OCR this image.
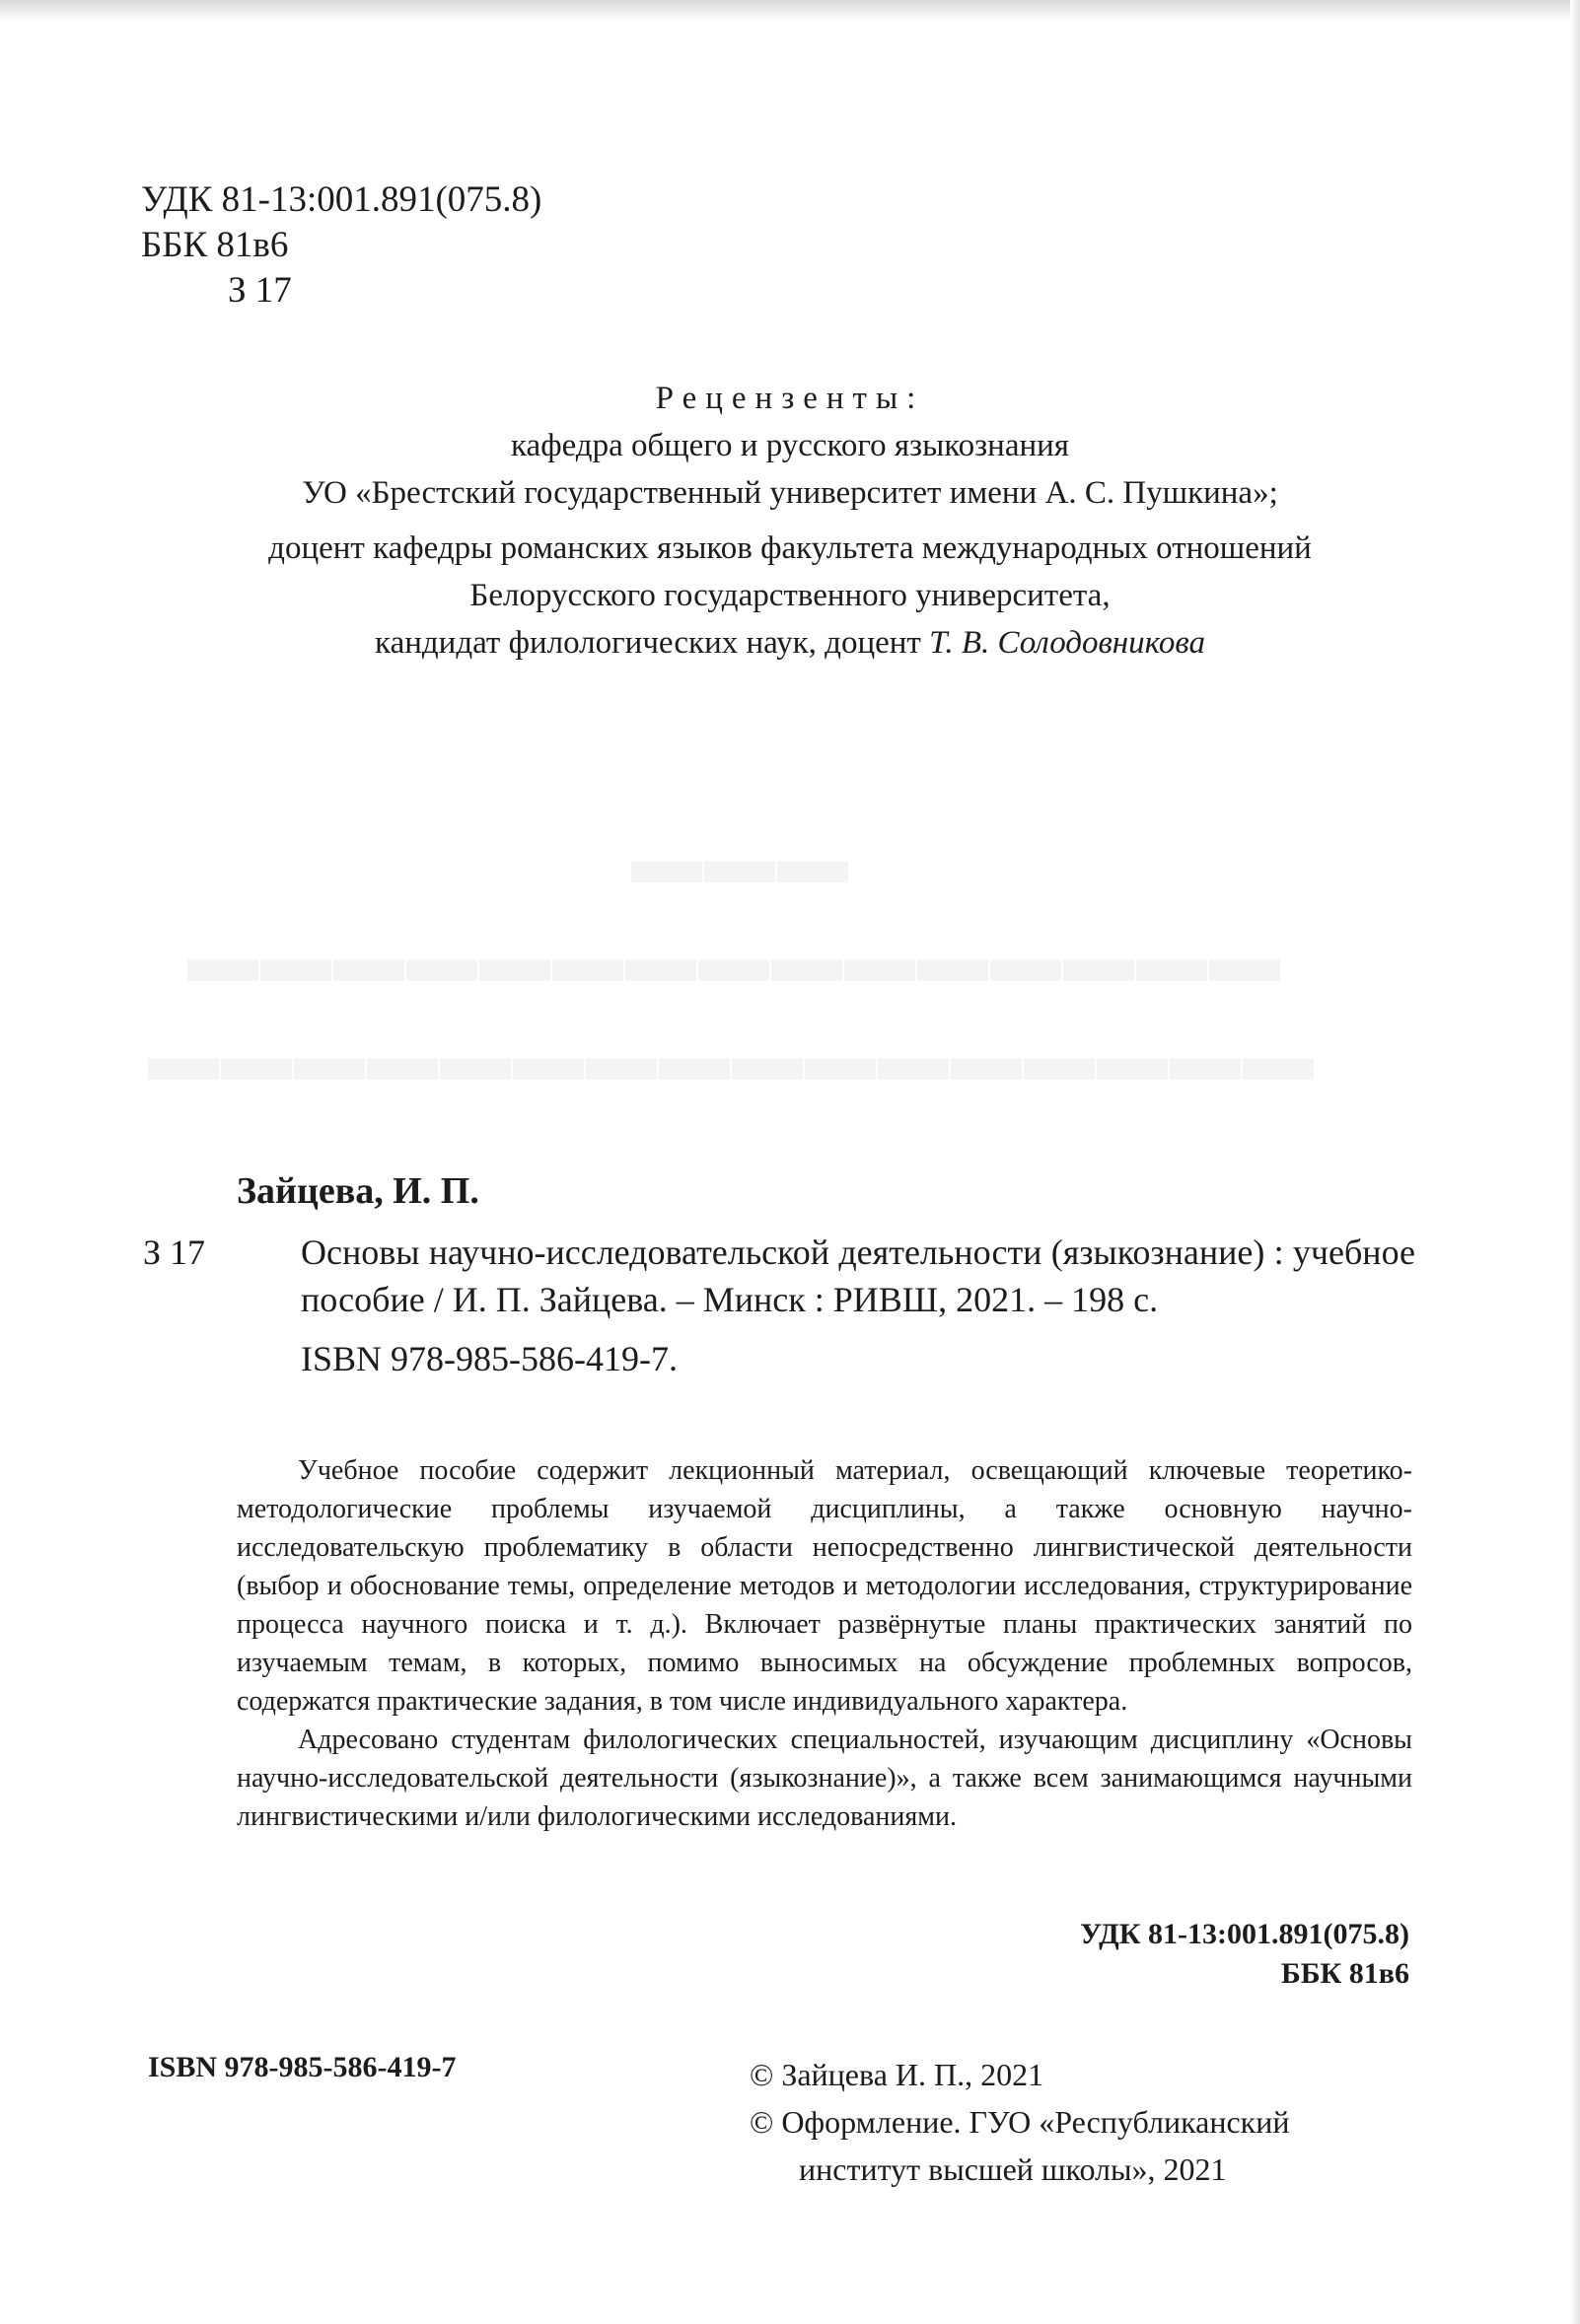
▬▬▬
▬▬▬▬▬▬▬▬▬▬▬▬▬▬▬
▬▬▬▬▬▬▬▬▬▬▬▬▬▬▬▬
УДК 81-13:001.891(075.8)
ББК 81в6
З 17
Рецензенты:
кафедра общего и русского языкознания
УО «Брестский государственный университет имени А. С. Пушкина»;
доцент кафедры романских языков факультета международных отношений
Белорусского государственного университета,
кандидат филологических наук, доцент Т. В. Солодовникова
Зайцева, И. П.
З 17	Основы научно-исследовательской деятельности (языкознание) : учебное пособие / И. П. Зайцева. – Минск : РИВШ, 2021. – 198 с.
ISBN 978-985-586-419-7.

Учебное пособие содержит лекционный материал, освещающий ключевые теоретико-методологические проблемы изучаемой дисциплины, а также основную научно-исследовательскую проблематику в области непосредственно лингвистической деятельности (выбор и обоснование темы, определение методов и методологии исследования, структурирование процесса научного поиска и т. д.). Включает развёрнутые планы практических занятий по изучаемым темам, в которых, помимо выносимых на обсуждение проблемных вопросов, содержатся практические задания, в том числе индивидуального характера.

Адресовано студентам филологических специальностей, изучающим дисциплину «Основы научно-исследовательской деятельности (языкознание)», а также всем занимающимся научными лингвистическими и/или филологическими исследованиями.

УДК 81-13:001.891(075.8)
ББК 81в6
ISBN 978-985-586-419-7	© Зайцева И. П., 2021
© Оформление. ГУО «Республиканский
институт высшей школы», 2021
